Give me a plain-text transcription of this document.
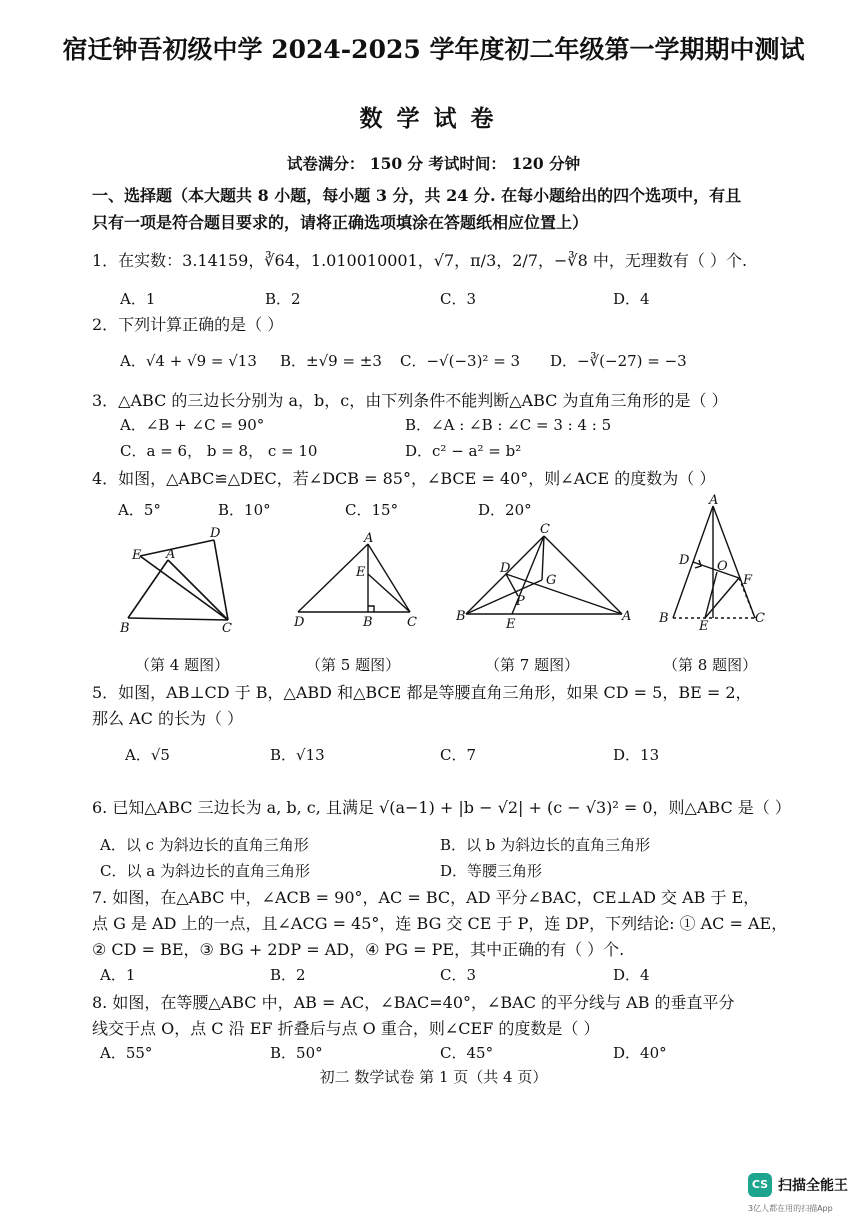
宿迁钟吾初级中学 2024-2025 学年度初二年级第一学期期中测试
数学试卷
试卷满分： 150 分 考试时间： 120 分钟
一、选择题（本大题共 8 小题，每小题 3 分，共 24 分. 在每小题给出的四个选项中，有且
只有一项是符合题目要求的，请将正确选项填涂在答题纸相应位置上）
1．在实数：3.14159，∛64，1.010010001，√7，π/3，2/7，−∛8 中，无理数有（ ）个.
A．1	B．2	C．3	D．4
2．下列计算正确的是（ ）
A．√4 + √9 = √13 B．±√9 = ±3 C．−√(−3)² = 3 D．−∛(−27) = −3
3．△ABC 的三边长分别为 a，b，c，由下列条件不能判断△ABC 为直角三角形的是（ ）
A．∠B + ∠C = 90°	B．∠A : ∠B : ∠C = 3 : 4 : 5
C．a = 6， b = 8， c = 10	D．c² − a² = b²
4．如图，△ABC≌△DEC，若∠DCB = 85°，∠BCE = 40°，则∠ACE 的度数为（ ）
A．5°	B．10°	C．15°	D．20°
E A
D
B	C
A
E
D	B	C
C
D
G
P
B
E
A
A
D O
F
B
E
C
（第 4 题图）	（第 5 题图）	（第 7 题图）	（第 8 题图）
5．如图，AB⊥CD 于 B，△ABD 和△BCE 都是等腰直角三角形，如果 CD = 5，BE = 2，
那么 AC 的长为（ ）
A．√5	B．√13	C．7	D．13
6. 已知△ABC 三边长为 a, b, c, 且满足 √(a−1) + |b − √2| + (c − √3)² = 0，则△ABC 是（ ）
A．以 c 为斜边长的直角三角形	B．以 b 为斜边长的直角三角形
C．以 a 为斜边长的直角三角形	D．等腰三角形
7. 如图，在△ABC 中，∠ACB = 90°，AC = BC，AD 平分∠BAC，CE⊥AD 交 AB 于 E，
点 G 是 AD 上的一点，且∠ACG = 45°，连 BG 交 CE 于 P，连 DP，下列结论: ① AC = AE，
② CD = BE，③ BG + 2DP = AD，④ PG = PE，其中正确的有（ ）个.
A．1	B．2	C．3	D．4
8. 如图，在等腰△ABC 中，AB = AC，∠BAC=40°，∠BAC 的平分线与 AB 的垂直平分
线交于点 O，点 C 沿 EF 折叠后与点 O 重合，则∠CEF 的度数是（ ）
A．55°	B．50°	C．45°	D．40°
初二 数学试卷 第 1 页（共 4 页）
CS 扫描全能王
3亿人都在用的扫描App
